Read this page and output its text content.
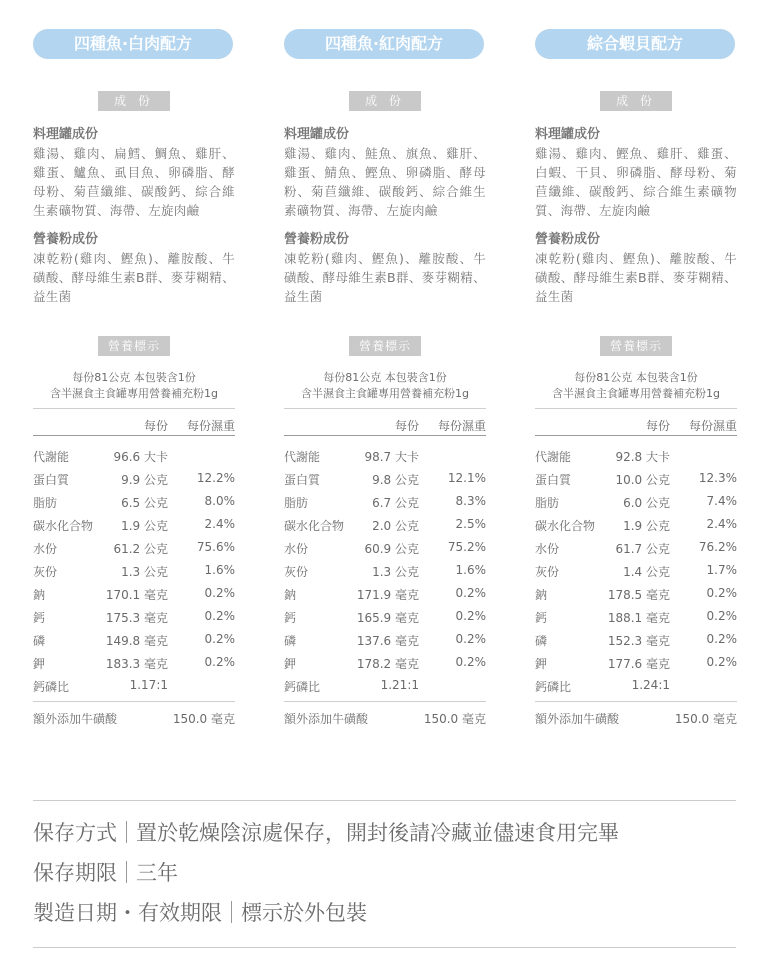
四種魚·白肉配方
成 份
料理罐成份
雞湯、雞肉、扁鱈、鯛魚、雞肝、雞蛋、鱸魚、虱目魚、卵磷脂、酵母粉、菊苣纖維、碳酸鈣、綜合維生素礦物質、海帶、左旋肉鹼
營養粉成份
凍乾粉(雞肉、鰹魚)、離胺酸、牛磺酸、酵母維生素B群、麥芽糊精、益生菌
營養標示
每份81公克 本包裝含1份
含半濕食主食罐專用營養補充粉1g
每份 每份濕重
代謝能	96.6 大卡
蛋白質	9.9 公克 12.2%
脂肪	6.5 公克	8.0%
碳水化合物 1.9 公克	2.4%
水份	61.2 公克 75.6%
灰份	1.3 公克	1.6%
鈉	170.1 毫克	0.2%
鈣	175.3 毫克	0.2%
磷	149.8 毫克	0.2%
鉀	183.3 毫克	0.2%
鈣磷比	1.17:1
額外添加牛磺酸	150.0 毫克
四種魚·紅肉配方
成 份
料理罐成份
雞湯、雞肉、鮭魚、旗魚、雞肝、雞蛋、鯖魚、鰹魚、卵磷脂、酵母粉、菊苣纖維、碳酸鈣、綜合維生素礦物質、海帶、左旋肉鹼
營養粉成份
凍乾粉(雞肉、鰹魚)、離胺酸、牛磺酸、酵母維生素B群、麥芽糊精、益生菌
營養標示
每份81公克 本包裝含1份
含半濕食主食罐專用營養補充粉1g
每份 每份濕重
代謝能	98.7 大卡
蛋白質	9.8 公克 12.1%
脂肪	6.7 公克	8.3%
碳水化合物 2.0 公克	2.5%
水份	60.9 公克 75.2%
灰份	1.3 公克	1.6%
鈉	171.9 毫克	0.2%
鈣	165.9 毫克	0.2%
磷	137.6 毫克	0.2%
鉀	178.2 毫克	0.2%
鈣磷比	1.21:1
額外添加牛磺酸	150.0 毫克
綜合蝦貝配方
成 份
料理罐成份
雞湯、雞肉、鰹魚、雞肝、雞蛋、白蝦、干貝、卵磷脂、酵母粉、菊苣纖維、碳酸鈣、綜合維生素礦物質、海帶、左旋肉鹼
營養粉成份
凍乾粉(雞肉、鰹魚)、離胺酸、牛磺酸、酵母維生素B群、麥芽糊精、益生菌
營養標示
每份81公克 本包裝含1份
含半濕食主食罐專用營養補充粉1g
每份 每份濕重
代謝能	92.8 大卡
蛋白質	10.0 公克 12.3%
脂肪	6.0 公克	7.4%
碳水化合物 1.9 公克	2.4%
水份	61.7 公克 76.2%
灰份	1.4 公克	1.7%
鈉	178.5 毫克	0.2%
鈣	188.1 毫克	0.2%
磷	152.3 毫克	0.2%
鉀	177.6 毫克	0.2%
鈣磷比	1.24:1
額外添加牛磺酸	150.0 毫克
保存方式 置於乾燥陰涼處保存，開封後請冷藏並儘速食用完畢
保存期限 三年
製造日期・有效期限 標示於外包裝
